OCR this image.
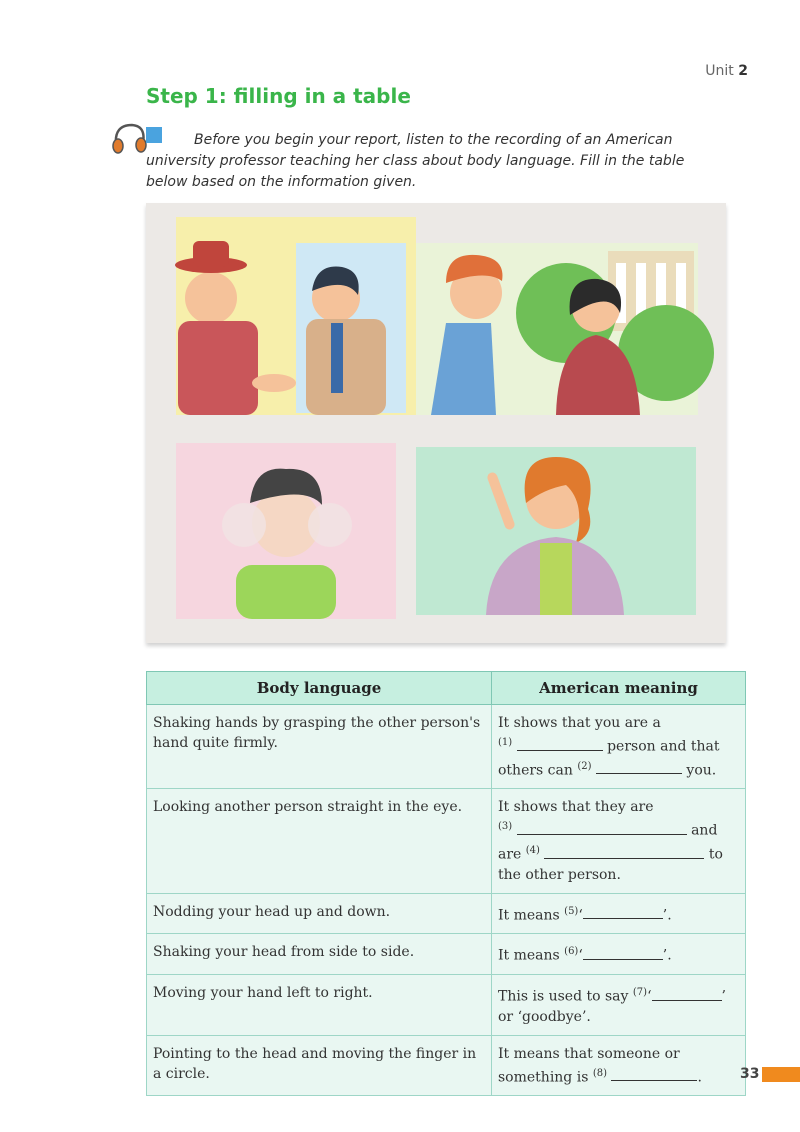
Unit 2
Step 1: filling in a table

Before you begin your report, listen to the recording of an American university professor teaching her class about body language. Fill in the table below based on the information given.

Body language	American meaning
Shaking hands by grasping the other person's hand quite firmly.	It shows that you are a
$^{(1)}$ person and that others can $^{(2)}$ you.
Looking another person straight in the eye.	It shows that they are
$^{(3)}$ and are $^{(4)}$ to the other person.
Nodding your head up and down.	It means $^{(5)}$‘ ’.
Shaking your head from side to side.	It means $^{(6)}$‘ ’.
Moving your hand left to right.	This is used to say $^{(7)}$‘ ’
or ‘goodbye’.
Pointing to the head and moving the finger in a circle.	It means that someone or something is $^{(8)}$ .	33
